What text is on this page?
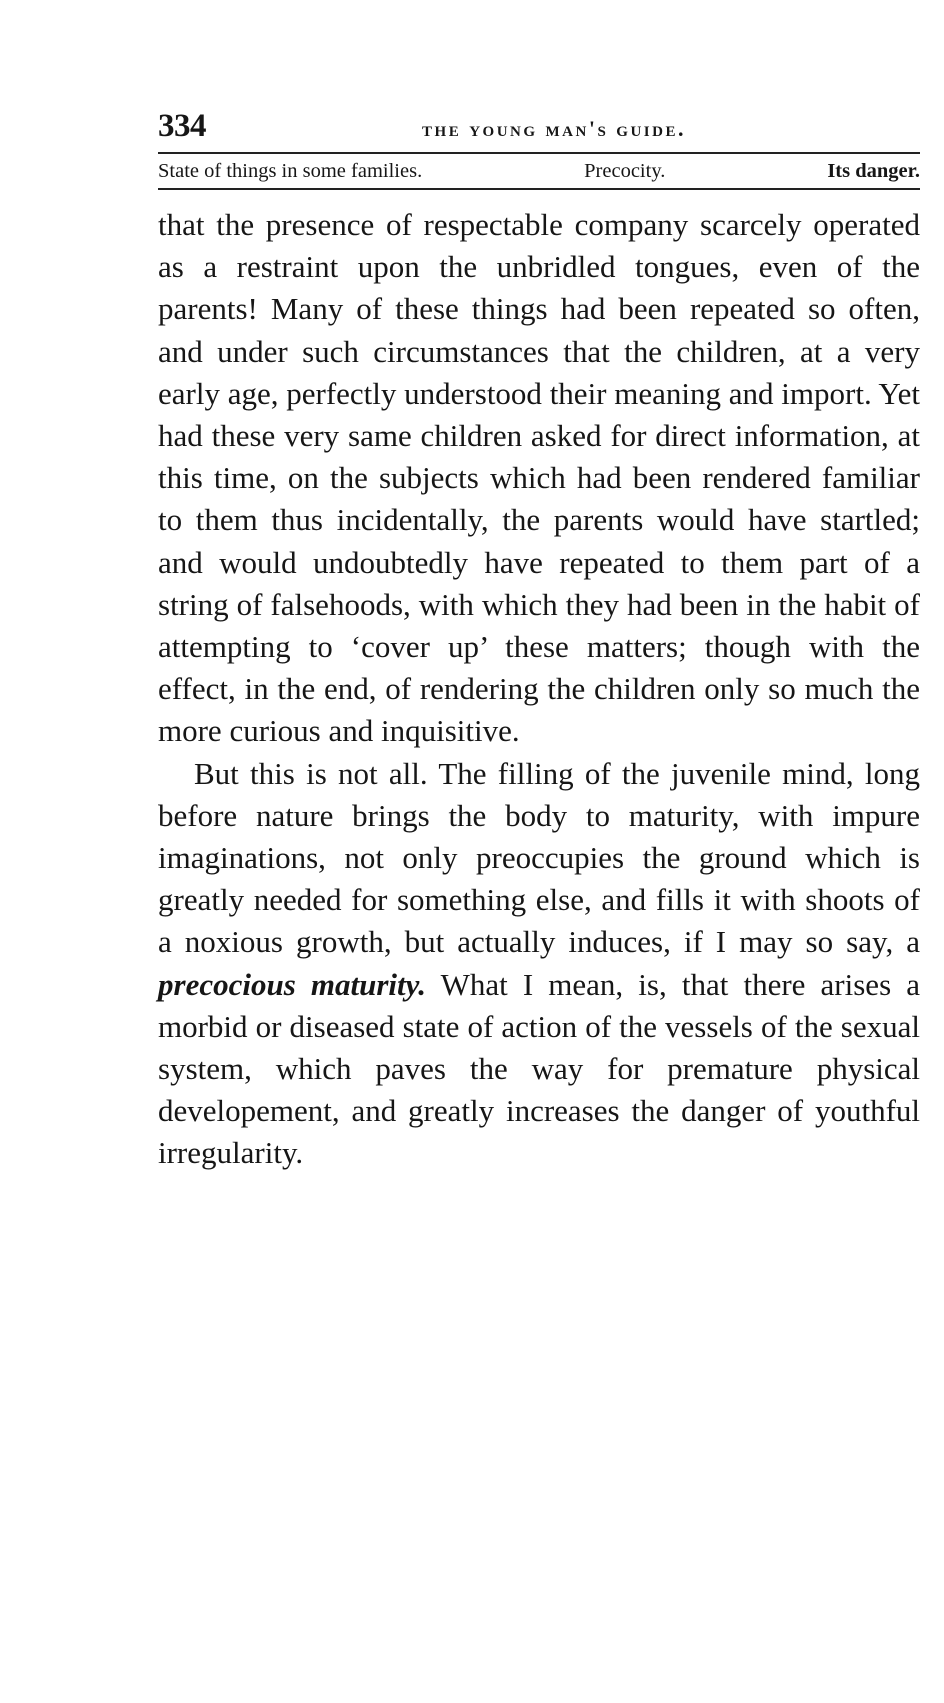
334	the young man's guide.
State of things in some families.	Precocity.	Its danger.

that the presence of respectable company scarcely operated as a restraint upon the unbridled tongues, even of the parents! Many of these things had been repeated so often, and under such circumstances that the children, at a very early age, perfectly understood their meaning and import. Yet had these very same children asked for direct information, at this time, on the subjects which had been rendered familiar to them thus incidentally, the parents would have startled; and would undoubtedly have repeated to them part of a string of falsehoods, with which they had been in the habit of attempting to ‘cover up’ these matters; though with the effect, in the end, of rendering the children only so much the more curious and inquisitive.

But this is not all. The filling of the juvenile mind, long before nature brings the body to maturity, with impure imaginations, not only preoccupies the ground which is greatly needed for something else, and fills it with shoots of a noxious growth, but actually induces, if I may so say, a precocious maturity. What I mean, is, that there arises a morbid or diseased state of action of the vessels of the sexual system, which paves the way for premature physical developement, and greatly increases the danger of youthful irregularity.
